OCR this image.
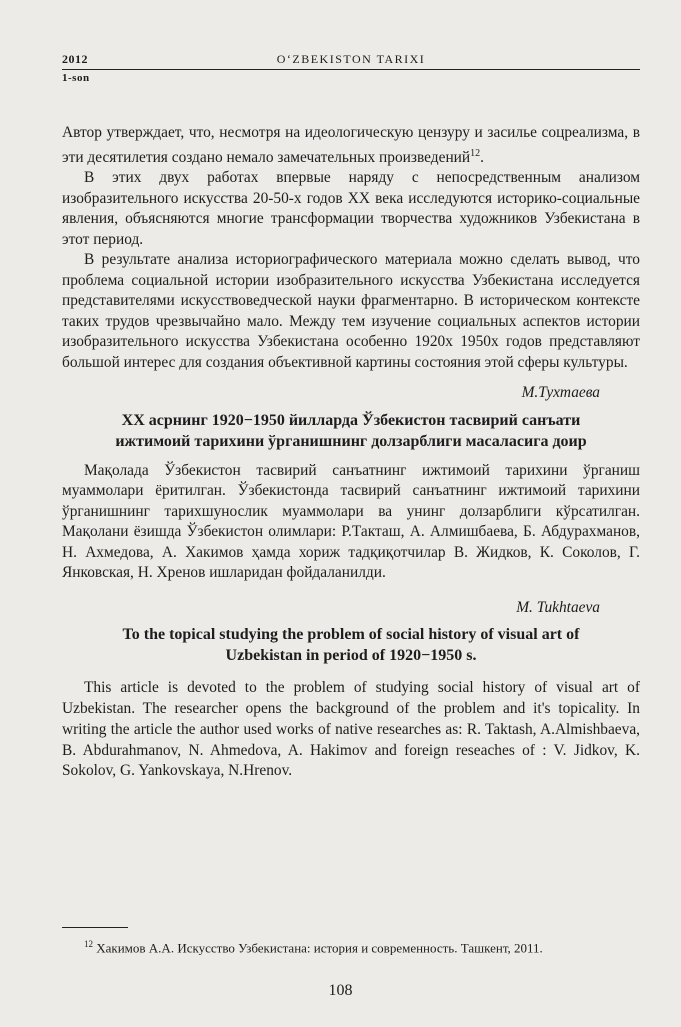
2012	O‘ZBEKISTON TARIXI
1-son

Автор утверждает, что, несмотря на идеологическую цензуру и засилье соцреализма, в эти десятилетия создано немало замечательных произведений$^{12}$.

В этих двух работах впервые наряду с непосредственным анализом изобразительного искусства 20-50-х годов XX века исследуются историко-социальные явления, объясняются многие трансформации творчества художников Узбекистана в этот период.

В результате анализа историографического материала можно сделать вывод, что проблема социальной истории изобразительного искусства Узбекистана исследуется представителями искусствоведческой науки фрагментарно. В историческом контексте таких трудов чрезвычайно мало. Между тем изучение социальных аспектов истории изобразительного искусства Узбекистана особенно 1920х 1950х годов представляют большой интерес для создания объективной картины состояния этой сферы культуры.

М.Тухтаева
XX асрнинг 1920−1950 йилларда Ўзбекистон тасвирий санъати
ижтимоий тарихини ўрганишнинг долзарблиги масаласига доир

Мақолада Ўзбекистон тасвирий санъатнинг ижтимоий тарихини ўрганиш муаммолари ёритилган. Ўзбекистонда тасвирий санъатнинг ижтимоий тарихини ўрганишнинг тарихшунослик муаммолари ва унинг долзарблиги кўрсатилган. Мақолани ёзишда Ўзбекистон олимлари: Р.Такташ, А. Алмишбаева, Б. Абдурахманов, Н. Ахмедова, А. Хакимов ҳамда хориж тадқиқотчилар В. Жидков, К. Соколов, Г. Янковская, Н. Хренов ишларидан фойдаланилди.

M. Tukhtaeva
To the topical studying the problem of social history of visual art of
Uzbekistan in period of 1920−1950 s.

This article is devoted to the problem of studying social history of visual art of Uzbekistan. The researcher opens the background of the problem and it's topicality. In writing the article the author used works of native researches as: R. Taktash, A.Almishbaeva, B. Abdurahmanov, N. Ahmedova, A. Hakimov and foreign reseaches of : V. Jidkov, K. Sokolov, G. Yankovskaya, N.Hrenov.

$^{12}$ Хакимов А.А. Искусство Узбекистана: история и современность. Ташкент, 2011.
108
